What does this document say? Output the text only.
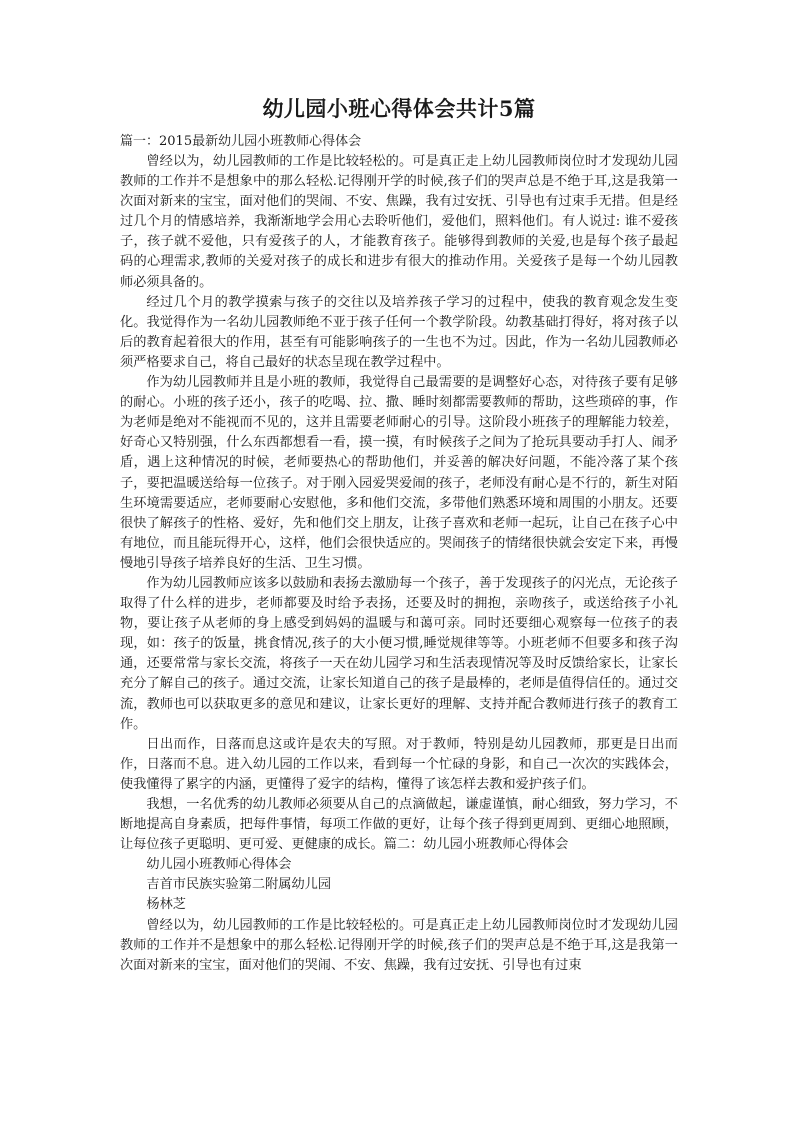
幼儿园小班心得体会共计5篇

篇一：2015最新幼儿园小班教师心得体会

曾经以为，幼儿园教师的工作是比较轻松的。可是真正走上幼儿园教师岗位时才发现幼儿园教师的工作并不是想象中的那么轻松.记得刚开学的时候,孩子们的哭声总是不绝于耳,这是我第一次面对新来的宝宝，面对他们的哭闹、不安、焦躁，我有过安抚、引导也有过束手无措。但是经过几个月的情感培养，我渐渐地学会用心去聆听他们，爱他们，照料他们。有人说过: 谁不爱孩子，孩子就不爱他，只有爱孩子的人，才能教育孩子。能够得到教师的关爱,也是每个孩子最起码的心理需求,教师的关爱对孩子的成长和进步有很大的推动作用。关爱孩子是每一个幼儿园教师必须具备的。

经过几个月的教学摸索与孩子的交往以及培养孩子学习的过程中，使我的教育观念发生变化。我觉得作为一名幼儿园教师绝不亚于孩子任何一个教学阶段。幼教基础打得好，将对孩子以后的教育起着很大的作用，甚至有可能影响孩子的一生也不为过。因此，作为一名幼儿园教师必须严格要求自己，将自己最好的状态呈现在教学过程中。

作为幼儿园教师并且是小班的教师，我觉得自己最需要的是调整好心态，对待孩子要有足够的耐心。小班的孩子还小，孩子的吃喝、拉、撒、睡时刻都需要教师的帮助，这些琐碎的事，作为老师是绝对不能视而不见的，这并且需要老师耐心的引导。这阶段小班孩子的理解能力较差，好奇心又特别强，什么东西都想看一看，摸一摸，有时候孩子之间为了抢玩具要动手打人、闹矛盾，遇上这种情况的时候，老师要热心的帮助他们，并妥善的解决好问题，不能冷落了某个孩子，要把温暖送给每一位孩子。对于刚入园爱哭爱闹的孩子，老师没有耐心是不行的，新生对陌生环境需要适应，老师要耐心安慰他，多和他们交流，多带他们熟悉环境和周围的小朋友。还要很快了解孩子的性格、爱好，先和他们交上朋友，让孩子喜欢和老师一起玩，让自己在孩子心中有地位，而且能玩得开心，这样，他们会很快适应的。哭闹孩子的情绪很快就会安定下来，再慢慢地引导孩子培养良好的生活、卫生习惯。

作为幼儿园教师应该多以鼓励和表扬去激励每一个孩子，善于发现孩子的闪光点，无论孩子取得了什么样的进步，老师都要及时给予表扬，还要及时的拥抱，亲吻孩子，或送给孩子小礼物，要让孩子从老师的身上感受到妈妈的温暖与和蔼可亲。同时还要细心观察每一位孩子的表现，如：孩子的饭量，挑食情况,孩子的大小便习惯,睡觉规律等等。小班老师不但要多和孩子沟通，还要常常与家长交流，将孩子一天在幼儿园学习和生活表现情况等及时反馈给家长，让家长充分了解自己的孩子。通过交流，让家长知道自己的孩子是最棒的，老师是值得信任的。通过交流，教师也可以获取更多的意见和建议，让家长更好的理解、支持并配合教师进行孩子的教育工作。

日出而作，日落而息这或许是农夫的写照。对于教师，特别是幼儿园教师，那更是日出而作，日落而不息。进入幼儿园的工作以来，看到每一个忙碌的身影，和自己一次次的实践体会，使我懂得了累字的内涵，更懂得了爱字的结构，懂得了该怎样去教和爱护孩子们。

我想，一名优秀的幼儿教师必须要从自己的点滴做起，谦虚谨慎，耐心细致，努力学习，不断地提高自身素质，把每件事情，每项工作做的更好，让每个孩子得到更周到、更细心地照顾，让每位孩子更聪明、更可爱、更健康的成长。篇二：幼儿园小班教师心得体会

幼儿园小班教师心得体会

吉首市民族实验第二附属幼儿园

杨林芝

曾经以为，幼儿园教师的工作是比较轻松的。可是真正走上幼儿园教师岗位时才发现幼儿园教师的工作并不是想象中的那么轻松.记得刚开学的时候,孩子们的哭声总是不绝于耳,这是我第一次面对新来的宝宝，面对他们的哭闹、不安、焦躁，我有过安抚、引导也有过束
